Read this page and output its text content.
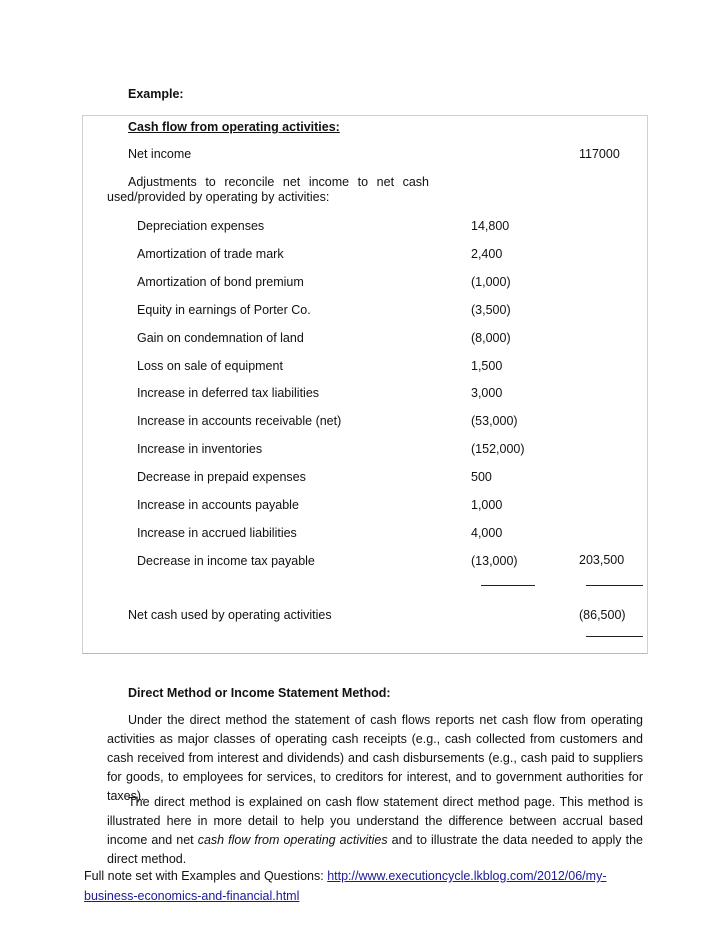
Example:
Cash flow from operating activities:
Net income	117000
Adjustments to reconcile net income to net cash
used/provided by operating by activities:
Depreciation expenses	14,800
Amortization of trade mark	2,400
Amortization of bond premium	(1,000)
Equity in earnings of Porter Co.	(3,500)
Gain on condemnation of land	(8,000)
Loss on sale of equipment	1,500
Increase in deferred tax liabilities	3,000
Increase in accounts receivable (net)	(53,000)
Increase in inventories	(152,000)
Decrease in prepaid expenses	500
Increase in accounts payable	1,000
Increase in accrued liabilities	4,000
Decrease in income tax payable	(13,000)	203,500
Net cash used by operating activities	(86,500)
Direct Method or Income Statement Method:
Under the direct method the statement of cash flows reports net cash flow from operating activities as major classes of operating cash receipts (e.g., cash collected from customers and cash received from interest and dividends) and cash disbursements (e.g., cash paid to suppliers for goods, to employees for services, to creditors for interest, and to government authorities for taxes).
The direct method is explained on cash flow statement direct method page. This method is illustrated here in more detail to help you understand the difference between accrual based income and net cash flow from operating activities and to illustrate the data needed to apply the direct method.
Full note set with Examples and Questions: http://www.executioncycle.lkblog.com/2012/06/my-business-economics-and-financial.html
